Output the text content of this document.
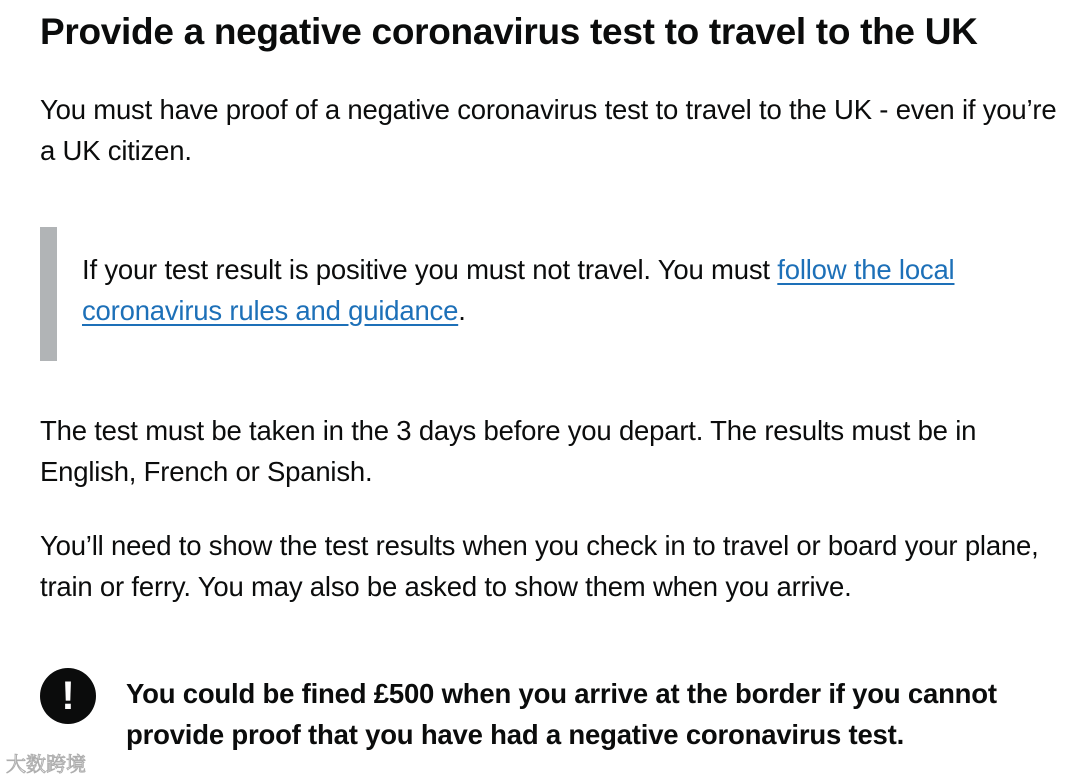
Provide a negative coronavirus test to travel to the UK

You must have proof of a negative coronavirus test to travel to the UK - even if you’re a UK citizen.

If your test result is positive you must not travel. You must follow the local coronavirus rules and guidance.

The test must be taken in the 3 days before you depart. The results must be in English, French or Spanish.

You’ll need to show the test results when you check in to travel or board your plane, train or ferry. You may also be asked to show them when you arrive.

!	You could be fined £500 when you arrive at the border if you cannot provide proof that you have had a negative coronavirus test.
大数跨境
